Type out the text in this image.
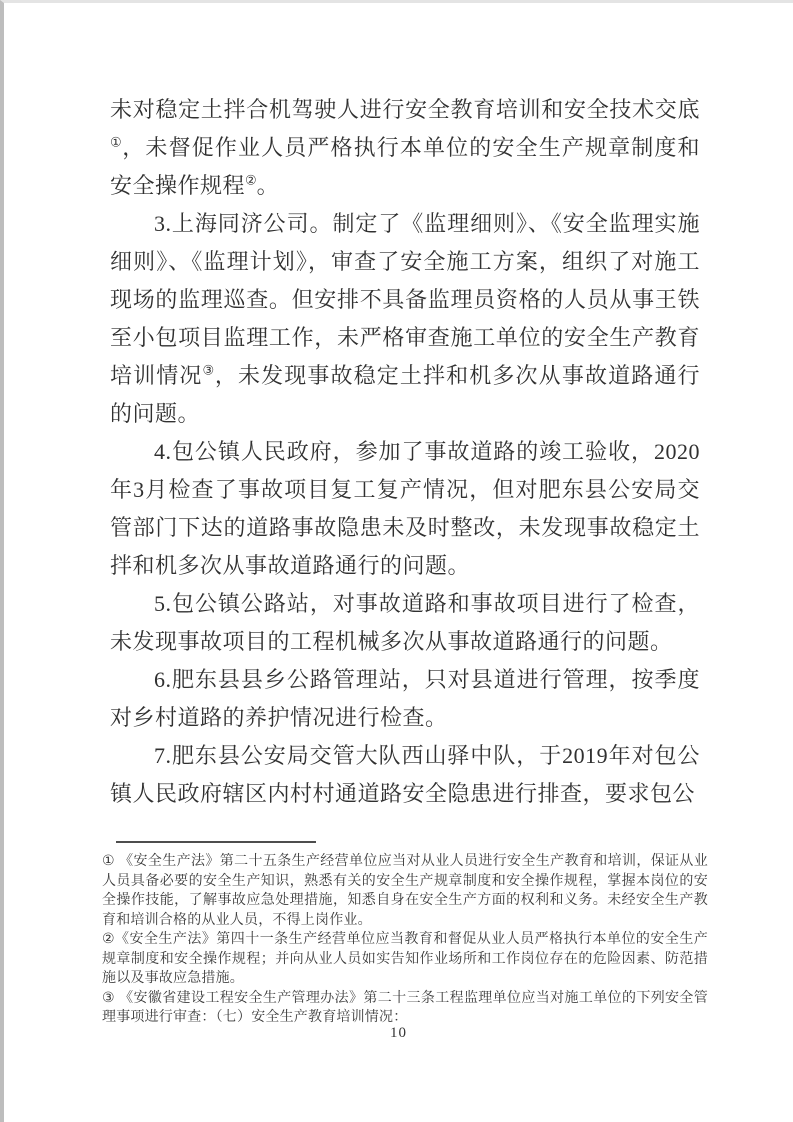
未对稳定土拌合机驾驶人进行安全教育培训和安全技术交底①，未督促作业人员严格执行本单位的安全生产规章制度和安全操作规程②。

3.上海同济公司。制定了《监理细则》、《安全监理实施细则》、《监理计划》，审查了安全施工方案，组织了对施工现场的监理巡查。但安排不具备监理员资格的人员从事王铁至小包项目监理工作，未严格审查施工单位的安全生产教育培训情况③，未发现事故稳定土拌和机多次从事故道路通行的问题。

4.包公镇人民政府，参加了事故道路的竣工验收，2020年3月检查了事故项目复工复产情况，但对肥东县公安局交管部门下达的道路事故隐患未及时整改，未发现事故稳定土拌和机多次从事故道路通行的问题。

5.包公镇公路站，对事故道路和事故项目进行了检查，未发现事故项目的工程机械多次从事故道路通行的问题。

6.肥东县县乡公路管理站，只对县道进行管理，按季度对乡村道路的养护情况进行检查。

7.肥东县公安局交管大队西山驿中队，于2019年对包公镇人民政府辖区内村村通道路安全隐患进行排查，要求包公

① 《安全生产法》第二十五条生产经营单位应当对从业人员进行安全生产教育和培训，保证从业人员具备必要的安全生产知识，熟悉有关的安全生产规章制度和安全操作规程，掌握本岗位的安全操作技能，了解事故应急处理措施，知悉自身在安全生产方面的权利和义务。未经安全生产教育和培训合格的从业人员，不得上岗作业。

②《安全生产法》第四十一条生产经营单位应当教育和督促从业人员严格执行本单位的安全生产规章制度和安全操作规程；并向从业人员如实告知作业场所和工作岗位存在的危险因素、防范措施以及事故应急措施。

③ 《安徽省建设工程安全生产管理办法》第二十三条工程监理单位应当对施工单位的下列安全管理事项进行审查：（七）安全生产教育培训情况：

10
